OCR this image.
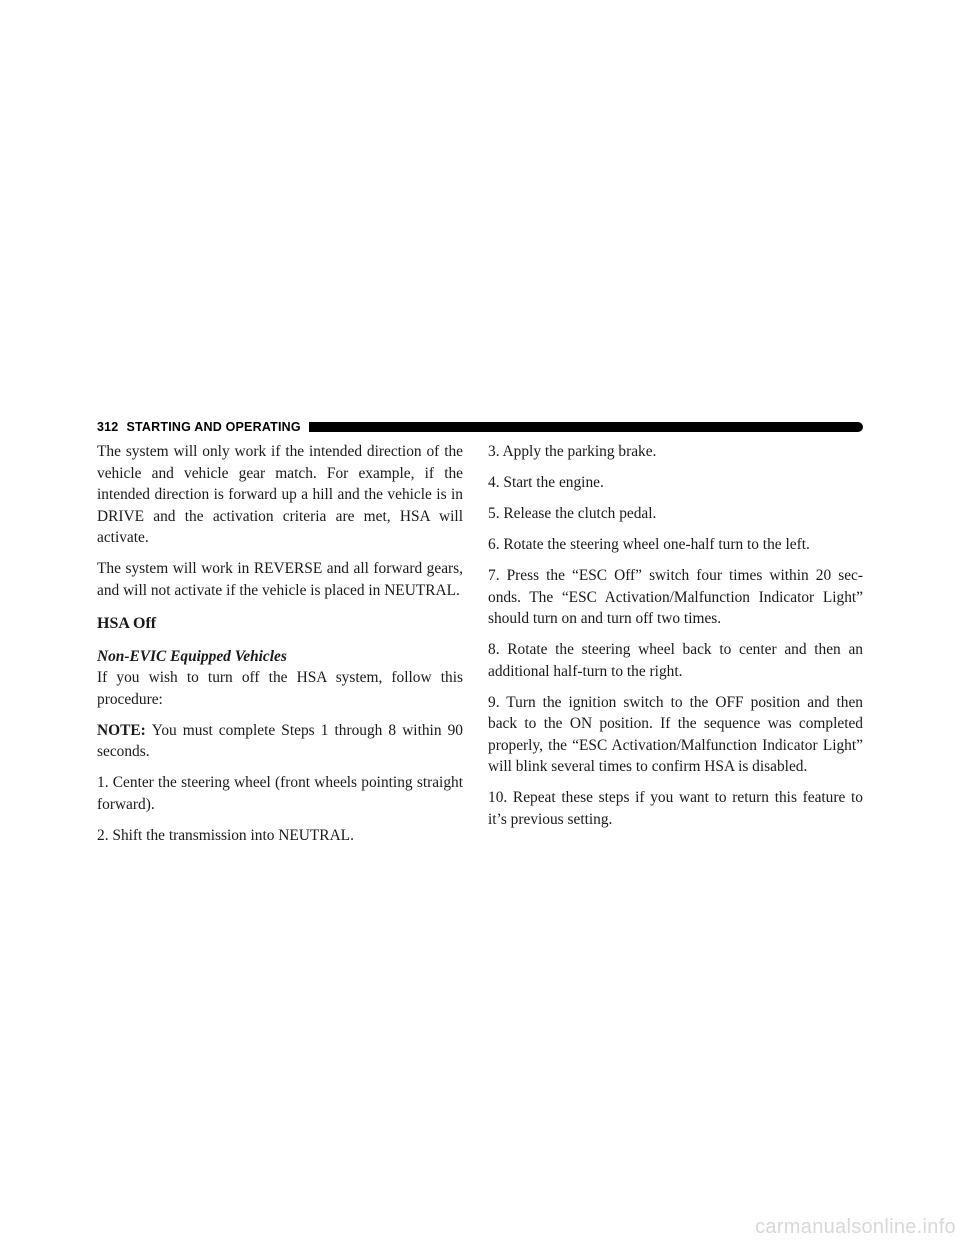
312 STARTING AND OPERATING

The system will only work if the intended direction of the vehicle and vehicle gear match. For example, if the intended direction is forward up a hill and the vehicle is in DRIVE and the activation criteria are met, HSA will activate.

The system will work in REVERSE and all forward gears, and will not activate if the vehicle is placed in NEUTRAL.

HSA Off

Non-EVIC Equipped Vehicles

If you wish to turn off the HSA system, follow this procedure:

NOTE: You must complete Steps 1 through 8 within 90 seconds.

1. Center the steering wheel (front wheels pointing straight forward).

2. Shift the transmission into NEUTRAL.

3. Apply the parking brake.

4. Start the engine.

5. Release the clutch pedal.

6. Rotate the steering wheel one-half turn to the left.

7. Press the “ESC Off” switch four times within 20 sec-onds. The “ESC Activation/Malfunction Indicator Light” should turn on and turn off two times.

8. Rotate the steering wheel back to center and then an additional half-turn to the right.

9. Turn the ignition switch to the OFF position and then back to the ON position. If the sequence was completed properly, the “ESC Activation/Malfunction Indicator Light” will blink several times to confirm HSA is disabled.

10. Repeat these steps if you want to return this feature to it’s previous setting.

carmanualsonline.info
